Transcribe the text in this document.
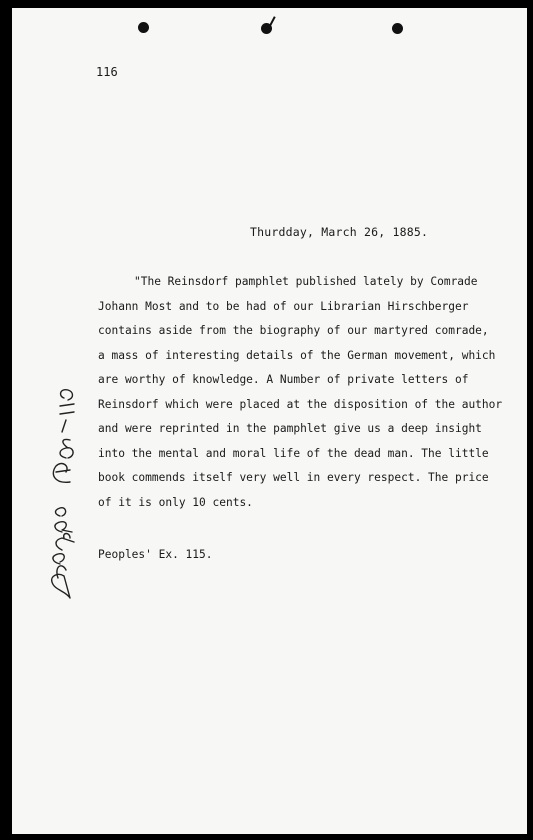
116
Thurdday, March 26, 1885.
"The Reinsdorf pamphlet published lately by Comrade
Johann Most and to be had of our Librarian Hirschberger
contains aside from the biography of our martyred comrade,
a mass of interesting details of the German movement, which
are worthy of knowledge. A Number of private letters of
Reinsdorf which were placed at the disposition of the author
and were reprinted in the pamphlet give us a deep insight
into the mental and moral life of the dead man. The little
book commends itself very well in every respect. The price
of it is only 10 cents.
Peoples' Ex. 115.
